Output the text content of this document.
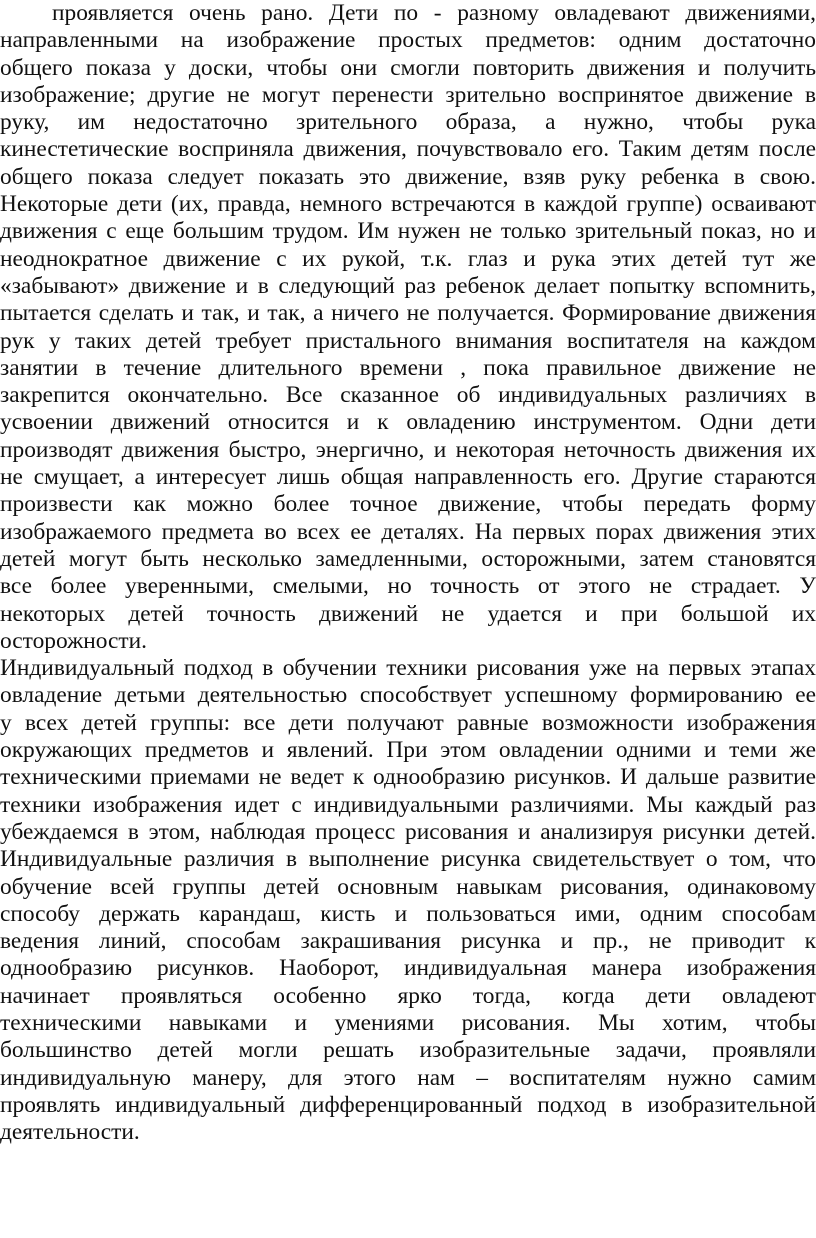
проявляется очень рано. Дети по - разному овладевают движениями,
направленными на изображение простых предметов: одним достаточно
общего показа у доски, чтобы они смогли повторить движения и получить
изображение; другие не могут перенести зрительно воспринятое движение в
руку, им недостаточно зрительного образа, а нужно, чтобы рука
кинестетические восприняла движения, почувствовало его. Таким детям после
общего показа следует показать это движение, взяв руку ребенка в свою.
Некоторые дети (их, правда, немного встречаются в каждой группе) осваивают
движения с еще большим трудом. Им нужен не только зрительный показ, но и
неоднократное движение с их рукой, т.к. глаз и рука этих детей тут же
«забывают» движение и в следующий раз ребенок делает попытку вспомнить,
пытается сделать и так, и так, а ничего не получается. Формирование движения
рук у таких детей требует пристального внимания воспитателя на каждом
занятии в течение длительного времени , пока правильное движение не
закрепится окончательно. Все сказанное об индивидуальных различиях в
усвоении движений относится и к овладению инструментом. Одни дети
производят движения быстро, энергично, и некоторая неточность движения их
не смущает, а интересует лишь общая направленность его. Другие стараются
произвести как можно более точное движение, чтобы передать форму
изображаемого предмета во всех ее деталях. На первых порах движения этих
детей могут быть несколько замедленными, осторожными, затем становятся
все более уверенными, смелыми, но точность от этого не страдает. У
некоторых детей точность движений не удается и при большой их
осторожности.
Индивидуальный подход в обучении техники рисования уже на первых этапах
овладение детьми деятельностью способствует успешному формированию ее
у всех детей группы: все дети получают равные возможности изображения
окружающих предметов и явлений. При этом овладении одними и теми же
техническими приемами не ведет к однообразию рисунков. И дальше развитие
техники изображения идет с индивидуальными различиями. Мы каждый раз
убеждаемся в этом, наблюдая процесс рисования и анализируя рисунки детей.
Индивидуальные различия в выполнение рисунка свидетельствует о том, что
обучение всей группы детей основным навыкам рисования, одинаковому
способу держать карандаш, кисть и пользоваться ими, одним способам
ведения линий, способам закрашивания рисунка и пр., не приводит к
однообразию рисунков. Наоборот, индивидуальная манера изображения
начинает проявляться особенно ярко тогда, когда дети овладеют
техническими навыками и умениями рисования. Мы хотим, чтобы
большинство детей могли решать изобразительные задачи, проявляли
индивидуальную манеру, для этого нам – воспитателям нужно самим
проявлять индивидуальный дифференцированный подход в изобразительной
деятельности.
